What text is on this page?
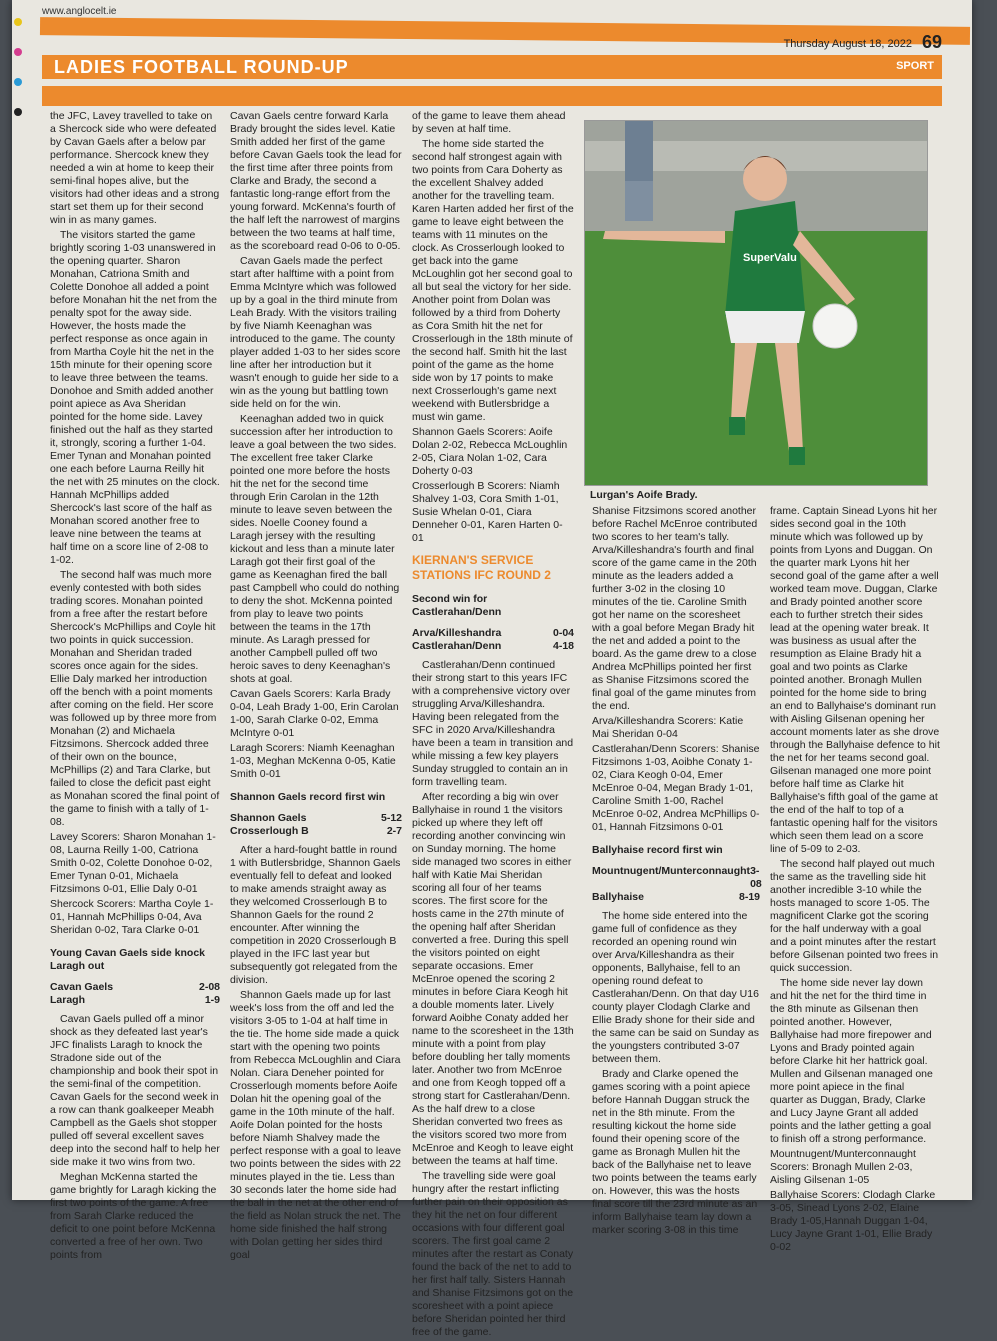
www.anglocelt.ie
Thursday August 18, 2022 69
LADIES FOOTBALL ROUND-UP	SPORT

the JFC, Lavey travelled to take on a Shercock side who were defeated by Cavan Gaels after a below par performance. Shercock knew they needed a win at home to keep their semi-final hopes alive, but the visitors had other ideas and a strong start set them up for their second win in as many games.

The visitors started the game brightly scoring 1-03 unanswered in the opening quarter. Sharon Monahan, Catriona Smith and Colette Donohoe all added a point before Monahan hit the net from the penalty spot for the away side. However, the hosts made the perfect response as once again in from Martha Coyle hit the net in the 15th minute for their opening score to leave three between the teams. Donohoe and Smith added another point apiece as Ava Sheridan pointed for the home side. Lavey finished out the half as they started it, strongly, scoring a further 1-04. Emer Tynan and Monahan pointed one each before Laurna Reilly hit the net with 25 minutes on the clock. Hannah McPhillips added Shercock's last score of the half as Monahan scored another free to leave nine between the teams at half time on a score line of 2-08 to 1-02.

The second half was much more evenly contested with both sides trading scores. Monahan pointed from a free after the restart before Shercock's McPhillips and Coyle hit two points in quick succession. Monahan and Sheridan traded scores once again for the sides. Ellie Daly marked her introduction off the bench with a point moments after coming on the field. Her score was followed up by three more from Monahan (2) and Michaela Fitzsimons. Shercock added three of their own on the bounce, McPhillips (2) and Tara Clarke, but failed to close the deficit past eight as Monahan scored the final point of the game to finish with a tally of 1-08.

Lavey Scorers: Sharon Monahan 1-08, Laurna Reilly 1-00, Catriona Smith 0-02, Colette Donohoe 0-02, Emer Tynan 0-01, Michaela Fitzsimons 0-01, Ellie Daly 0-01

Shercock Scorers: Martha Coyle 1-01, Hannah McPhillips 0-04, Ava Sheridan 0-02, Tara Clarke 0-01

Young Cavan Gaels side knock Laragh out
Cavan Gaels	2-08
Laragh	1-9

Cavan Gaels pulled off a minor shock as they defeated last year's JFC finalists Laragh to knock the Stradone side out of the championship and book their spot in the semi-final of the competition. Cavan Gaels for the second week in a row can thank goalkeeper Meabh Campbell as the Gaels shot stopper pulled off several excellent saves deep into the second half to help her side make it two wins from two.

Meghan McKenna started the game brightly for Laragh kicking the first two points of the game. A free from Sarah Clarke reduced the deficit to one point before McKenna converted a free of her own. Two points from

Cavan Gaels centre forward Karla Brady brought the sides level. Katie Smith added her first of the game before Cavan Gaels took the lead for the first time after three points from Clarke and Brady, the second a fantastic long-range effort from the young forward. McKenna's fourth of the half left the narrowest of margins between the two teams at half time, as the scoreboard read 0-06 to 0-05.

Cavan Gaels made the perfect start after halftime with a point from Emma McIntyre which was followed up by a goal in the third minute from Leah Brady. With the visitors trailing by five Niamh Keenaghan was introduced to the game. The county player added 1-03 to her sides score line after her introduction but it wasn't enough to guide her side to a win as the young but battling town side held on for the win.

Keenaghan added two in quick succession after her introduction to leave a goal between the two sides. The excellent free taker Clarke pointed one more before the hosts hit the net for the second time through Erin Carolan in the 12th minute to leave seven between the sides. Noelle Cooney found a Laragh jersey with the resulting kickout and less than a minute later Laragh got their first goal of the game as Keenaghan fired the ball past Campbell who could do nothing to deny the shot. McKenna pointed from play to leave two points between the teams in the 17th minute. As Laragh pressed for another Campbell pulled off two heroic saves to deny Keenaghan's shots at goal.

Cavan Gaels Scorers: Karla Brady 0-04, Leah Brady 1-00, Erin Carolan 1-00, Sarah Clarke 0-02, Emma McIntyre 0-01

Laragh Scorers: Niamh Keenaghan 1-03, Meghan McKenna 0-05, Katie Smith 0-01

Shannon Gaels record first win
Shannon Gaels	5-12
Crosserlough B	2-7

After a hard-fought battle in round 1 with Butlersbridge, Shannon Gaels eventually fell to defeat and looked to make amends straight away as they welcomed Crosserlough B to Shannon Gaels for the round 2 encounter. After winning the competition in 2020 Crosserlough B played in the IFC last year but subsequently got relegated from the division.

Shannon Gaels made up for last week's loss from the off and led the visitors 3-05 to 1-04 at half time in the tie. The home side made a quick start with the opening two points from Rebecca McLoughlin and Ciara Nolan. Ciara Deneher pointed for Crosserlough moments before Aoife Dolan hit the opening goal of the game in the 10th minute of the half. Aoife Dolan pointed for the hosts before Niamh Shalvey made the perfect response with a goal to leave two points between the sides with 22 minutes played in the tie. Less than 30 seconds later the home side had the ball in the net at the other end of the field as Nolan struck the net. The home side finished the half strong with Dolan getting her sides third goal

of the game to leave them ahead by seven at half time.

The home side started the second half strongest again with two points from Cara Doherty as the excellent Shalvey added another for the travelling team. Karen Harten added her first of the game to leave eight between the teams with 11 minutes on the clock. As Crosserlough looked to get back into the game McLoughlin got her second goal to all but seal the victory for her side. Another point from Dolan was followed by a third from Doherty as Cora Smith hit the net for Crosserlough in the 18th minute of the second half. Smith hit the last point of the game as the home side won by 17 points to make next Crosserlough's game next weekend with Butlersbridge a must win game.

Shannon Gaels Scorers: Aoife Dolan 2-02, Rebecca McLoughlin 2-05, Ciara Nolan 1-02, Cara Doherty 0-03

Crosserlough B Scorers: Niamh Shalvey 1-03, Cora Smith 1-01, Susie Whelan 0-01, Ciara Denneher 0-01, Karen Harten 0-01

KIERNAN'S SERVICE
STATIONS IFC ROUND 2
Second win for Castlerahan/Denn
Arva/Killeshandra	0-04
Castlerahan/Denn	4-18

Castlerahan/Denn continued their strong start to this years IFC with a comprehensive victory over struggling Arva/Killeshandra. Having been relegated from the SFC in 2020 Arva/Killeshandra have been a team in transition and while missing a few key players Sunday struggled to contain an in form travelling team.

After recording a big win over Ballyhaise in round 1 the visitors picked up where they left off recording another convincing win on Sunday morning. The home side managed two scores in either half with Katie Mai Sheridan scoring all four of her teams scores. The first score for the hosts came in the 27th minute of the opening half after Sheridan converted a free. During this spell the visitors pointed on eight separate occasions. Emer McEnroe opened the scoring 2 minutes in before Ciara Keogh hit a double moments later. Lively forward Aoibhe Conaty added her name to the scoresheet in the 13th minute with a point from play before doubling her tally moments later. Another two from McEnroe and one from Keogh topped off a strong start for Castlerahan/Denn. As the half drew to a close Sheridan converted two frees as the visitors scored two more from McEnroe and Keogh to leave eight between the teams at half time.

The travelling side were goal hungry after the restart inflicting further pain on their opposition as they hit the net on four different occasions with four different goal scorers. The first goal came 2 minutes after the restart as Conaty found the back of the net to add to her first half tally. Sisters Hannah and Shanise Fitzsimons got on the scoresheet with a point apiece before Sheridan pointed her third free of the game.

SuperValu
Lurgan's Aoife Brady.

Shanise Fitzsimons scored another before Rachel McEnroe contributed two scores to her team's tally. Arva/Killeshandra's fourth and final score of the game came in the 20th minute as the leaders added a further 3-02 in the closing 10 minutes of the tie. Caroline Smith got her name on the scoresheet with a goal before Megan Brady hit the net and added a point to the board. As the game drew to a close Andrea McPhillips pointed her first as Shanise Fitzsimons scored the final goal of the game minutes from the end.

Arva/Killeshandra Scorers: Katie Mai Sheridan 0-04

Castlerahan/Denn Scorers: Shanise Fitzsimons 1-03, Aoibhe Conaty 1-02, Ciara Keogh 0-04, Emer McEnroe 0-04, Megan Brady 1-01, Caroline Smith 1-00, Rachel McEnroe 0-02, Andrea McPhillips 0-01, Hannah Fitzsimons 0-01

Ballyhaise record first win
Mountnugent/Munterconnaught 3-08
Ballyhaise	8-19

The home side entered into the game full of confidence as they recorded an opening round win over Arva/Killeshandra as their opponents, Ballyhaise, fell to an opening round defeat to Castlerahan/Denn. On that day U16 county player Clodagh Clarke and Ellie Brady shone for their side and the same can be said on Sunday as the youngsters contributed 3-07 between them.

Brady and Clarke opened the games scoring with a point apiece before Hannah Duggan struck the net in the 8th minute. From the resulting kickout the home side found their opening score of the game as Bronagh Mullen hit the back of the Ballyhaise net to leave two points between the teams early on. However, this was the hosts final score till the 23rd minute as an inform Ballyhaise team lay down a marker scoring 3-08 in this time

frame. Captain Sinead Lyons hit her sides second goal in the 10th minute which was followed up by points from Lyons and Duggan. On the quarter mark Lyons hit her second goal of the game after a well worked team move. Duggan, Clarke and Brady pointed another score each to further stretch their sides lead at the opening water break. It was business as usual after the resumption as Elaine Brady hit a goal and two points as Clarke pointed another. Bronagh Mullen pointed for the home side to bring an end to Ballyhaise's dominant run with Aisling Gilsenan opening her account moments later as she drove through the Ballyhaise defence to hit the net for her teams second goal. Gilsenan managed one more point before half time as Clarke hit Ballyhaise's fifth goal of the game at the end of the half to top of a fantastic opening half for the visitors which seen them lead on a score line of 5-09 to 2-03.

The second half played out much the same as the travelling side hit another incredible 3-10 while the hosts managed to score 1-05. The magnificent Clarke got the scoring for the half underway with a goal and a point minutes after the restart before Gilsenan pointed two frees in quick succession.

The home side never lay down and hit the net for the third time in the 8th minute as Gilsenan then pointed another. However, Ballyhaise had more firepower and Lyons and Brady pointed again before Clarke hit her hattrick goal. Mullen and Gilsenan managed one more point apiece in the final quarter as Duggan, Brady, Clarke and Lucy Jayne Grant all added points and the lather getting a goal to finish off a strong performance.

Mountnugent/Munterconnaught Scorers: Bronagh Mullen 2-03, Aisling Gilsenan 1-05

Ballyhaise Scorers: Clodagh Clarke 3-05, Sinead Lyons 2-02, Elaine Brady 1-05,Hannah Duggan 1-04, Lucy Jayne Grant 1-01, Ellie Brady 0-02
